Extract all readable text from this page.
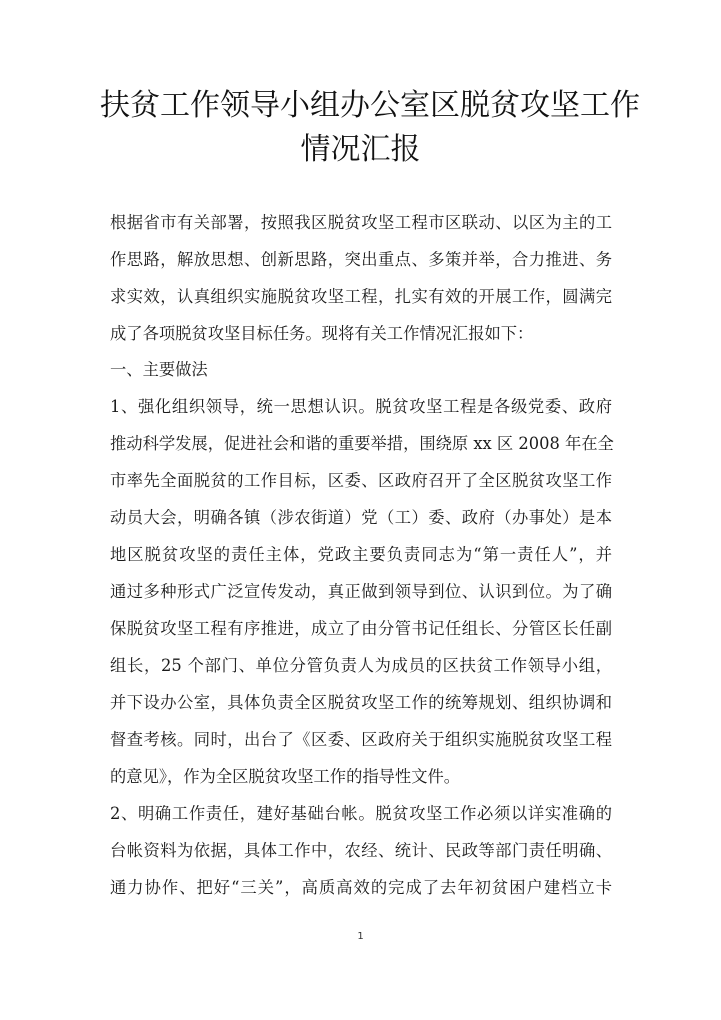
扶贫工作领导小组办公室区脱贫攻坚工作
情况汇报
根据省市有关部署，按照我区脱贫攻坚工程市区联动、以区为主的工
作思路，解放思想、创新思路，突出重点、多策并举，合力推进、务
求实效，认真组织实施脱贫攻坚工程，扎实有效的开展工作，圆满完
成了各项脱贫攻坚目标任务。现将有关工作情况汇报如下：
一、主要做法
1、强化组织领导，统一思想认识。脱贫攻坚工程是各级党委、政府
推动科学发展，促进社会和谐的重要举措，围绕原 xx 区 2008 年在全
市率先全面脱贫的工作目标，区委、区政府召开了全区脱贫攻坚工作
动员大会，明确各镇（涉农街道）党（工）委、政府（办事处）是本
地区脱贫攻坚的责任主体，党政主要负责同志为“第一责任人”，并
通过多种形式广泛宣传发动，真正做到领导到位、认识到位。为了确
保脱贫攻坚工程有序推进，成立了由分管书记任组长、分管区长任副
组长，25 个部门、单位分管负责人为成员的区扶贫工作领导小组，
并下设办公室，具体负责全区脱贫攻坚工作的统筹规划、组织协调和
督查考核。同时，出台了《区委、区政府关于组织实施脱贫攻坚工程
的意见》，作为全区脱贫攻坚工作的指导性文件。
2、明确工作责任，建好基础台帐。脱贫攻坚工作必须以详实准确的
台帐资料为依据，具体工作中，农经、统计、民政等部门责任明确、
通力协作、把好“三关”，高质高效的完成了去年初贫困户建档立卡
1
